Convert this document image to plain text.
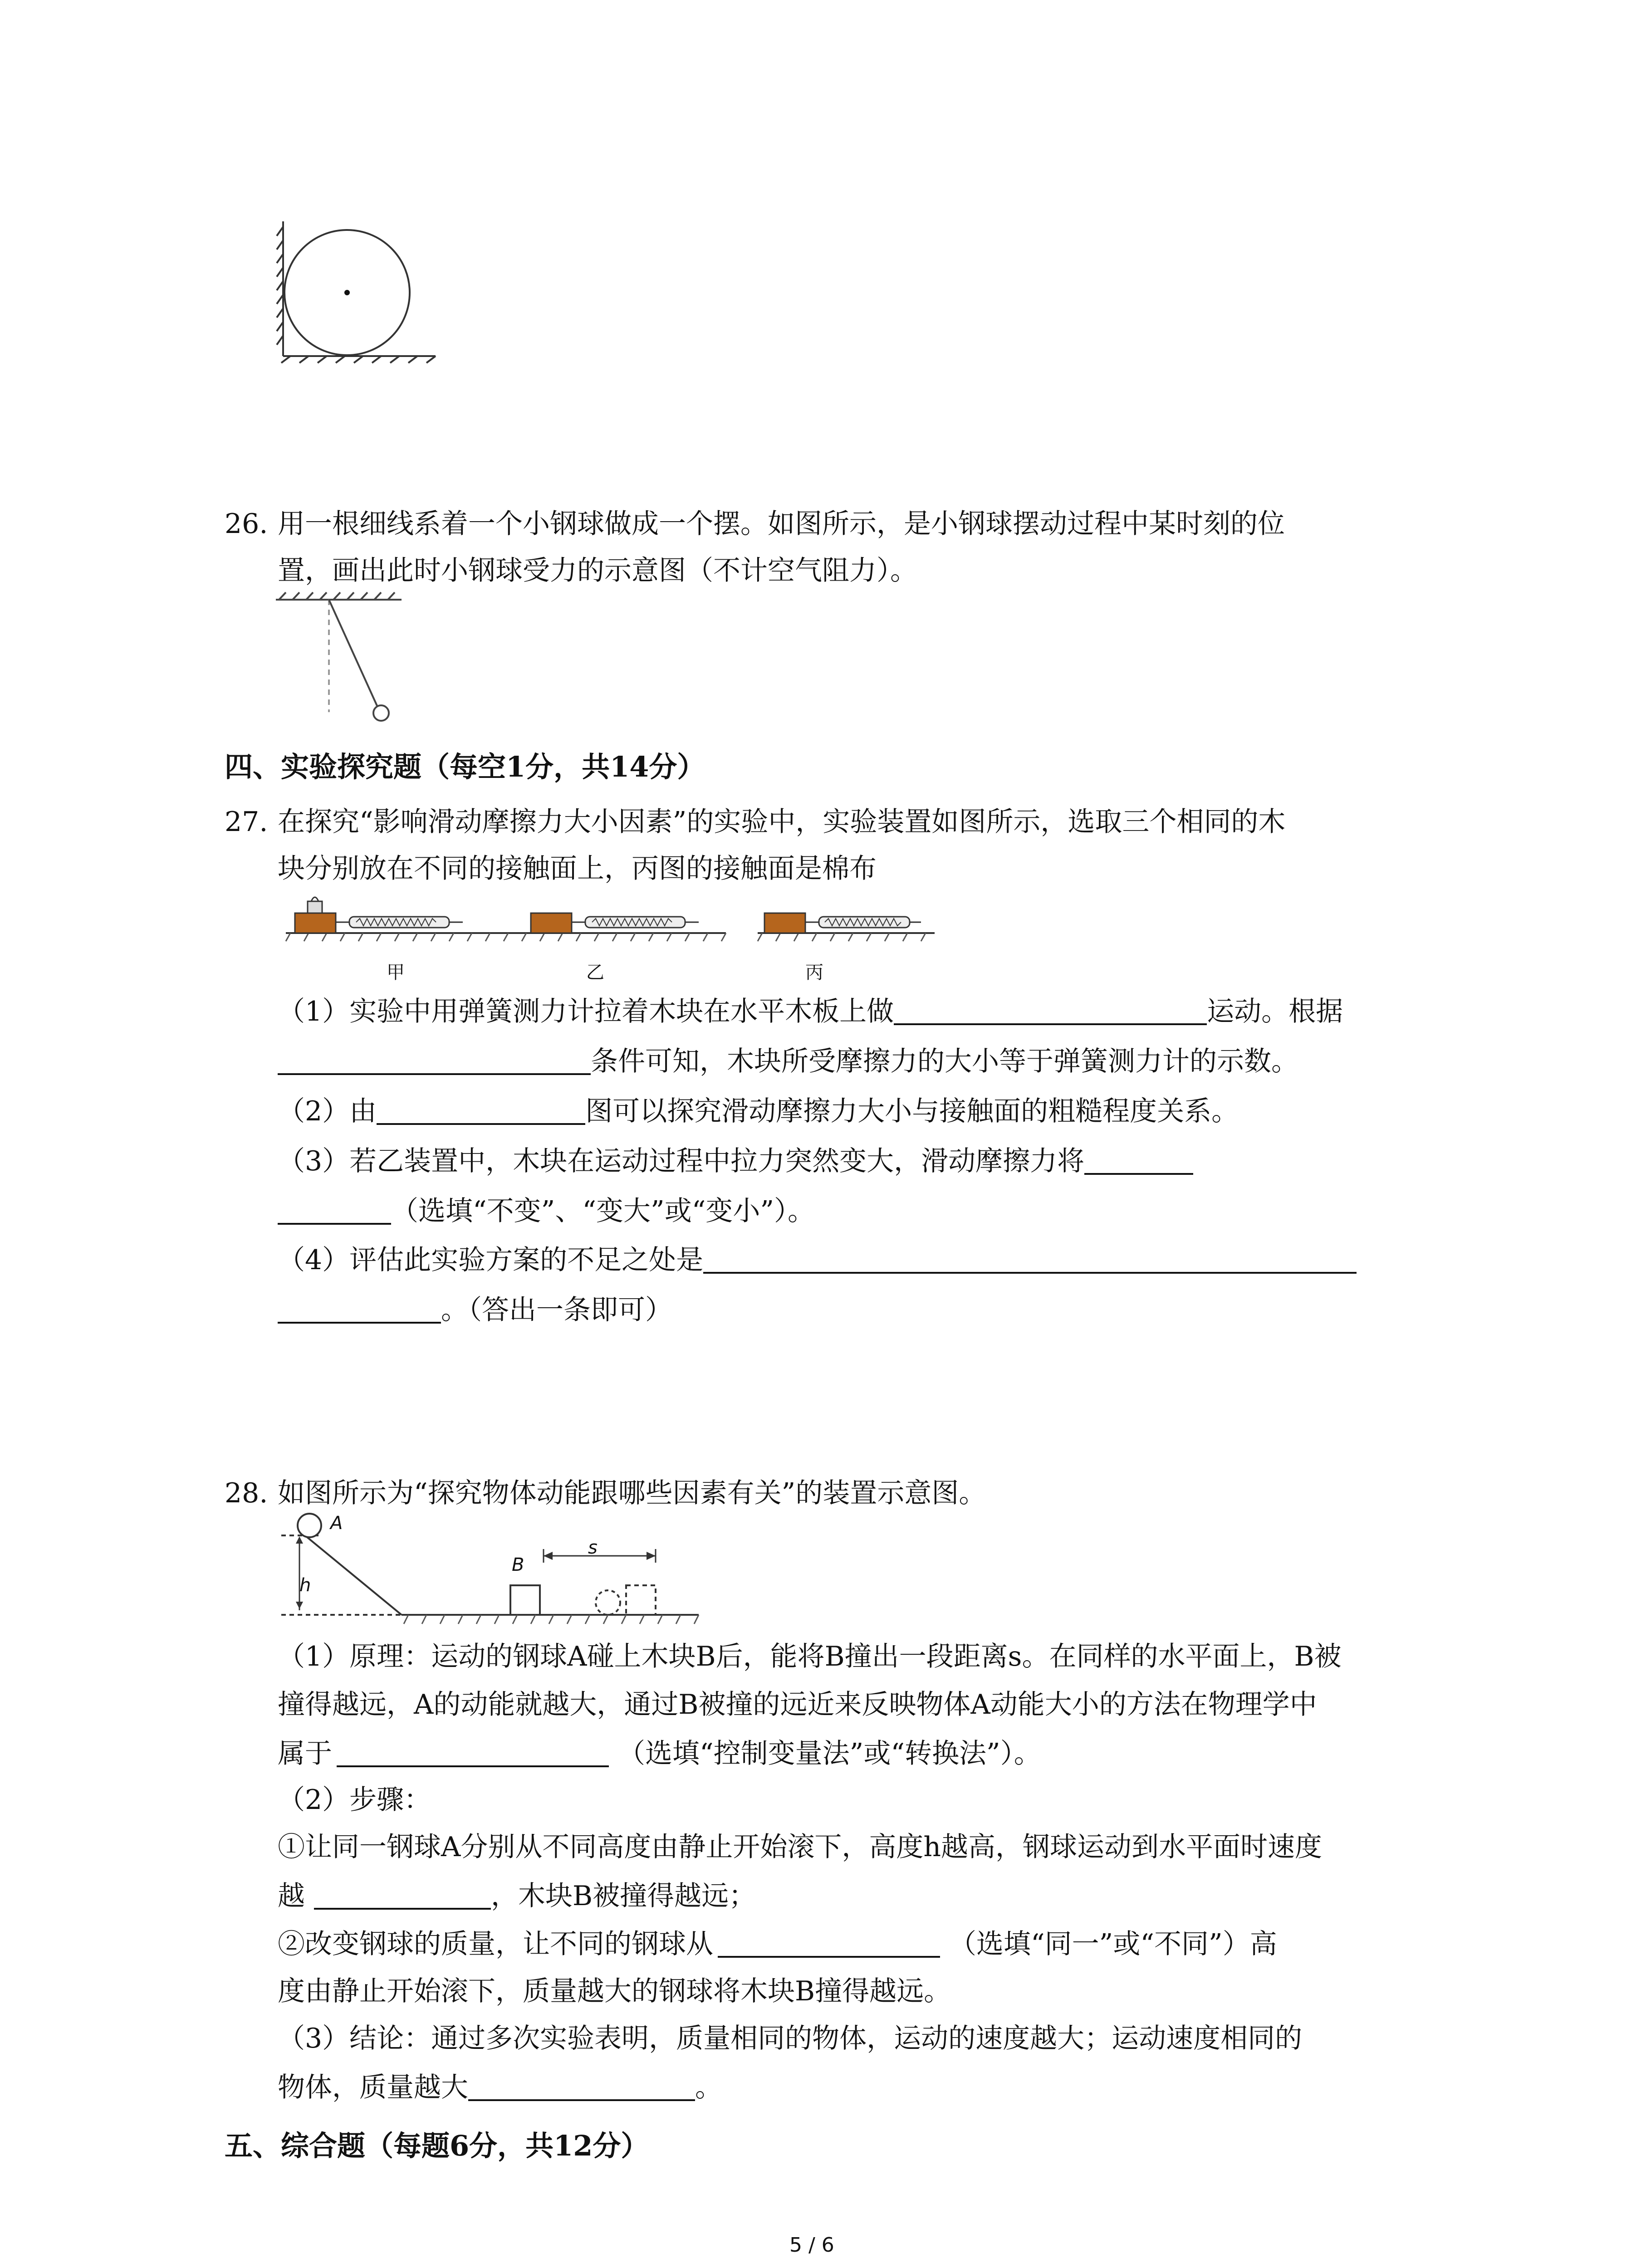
26. 用一根细线系着一个小钢球做成一个摆。如图所示，是小钢球摆动过程中某时刻的位
置，画出此时小钢球受力的示意图（不计空气阻力）。
四、实验探究题（每空1分，共14分）
27. 在探究“影响滑动摩擦力大小因素”的实验中，实验装置如图所示，选取三个相同的木
块分别放在不同的接触面上，丙图的接触面是棉布
甲	乙	丙
（1）实验中用弹簧测力计拉着木块在水平木板上做	运动。根据
条件可知，木块所受摩擦力的大小等于弹簧测力计的示数。
（2）由	图可以探究滑动摩擦力大小与接触面的粗糙程度关系。
（3）若乙装置中，木块在运动过程中拉力突然变大，滑动摩擦力将
（选填“不变”、“变大”或“变小”）。
（4）评估此实验方案的不足之处是
。（答出一条即可）
28. 如图所示为“探究物体动能跟哪些因素有关”的装置示意图。
A
h
B
s
（1）原理：运动的钢球A碰上木块B后，能将B撞出一段距离s。在同样的水平面上，B被
撞得越远，A的动能就越大，通过B被撞的远近来反映物体A动能大小的方法在物理学中
属于	（选填“控制变量法”或“转换法”）。
（2）步骤：
①让同一钢球A分别从不同高度由静止开始滚下，高度h越高，钢球运动到水平面时速度
越	，木块B被撞得越远；
②改变钢球的质量，让不同的钢球从	（选填“同一”或“不同”）高
度由静止开始滚下，质量越大的钢球将木块B撞得越远。
（3）结论：通过多次实验表明，质量相同的物体，运动的速度越大；运动速度相同的
物体，质量越大	。
五、综合题（每题6分，共12分）
5 / 6
